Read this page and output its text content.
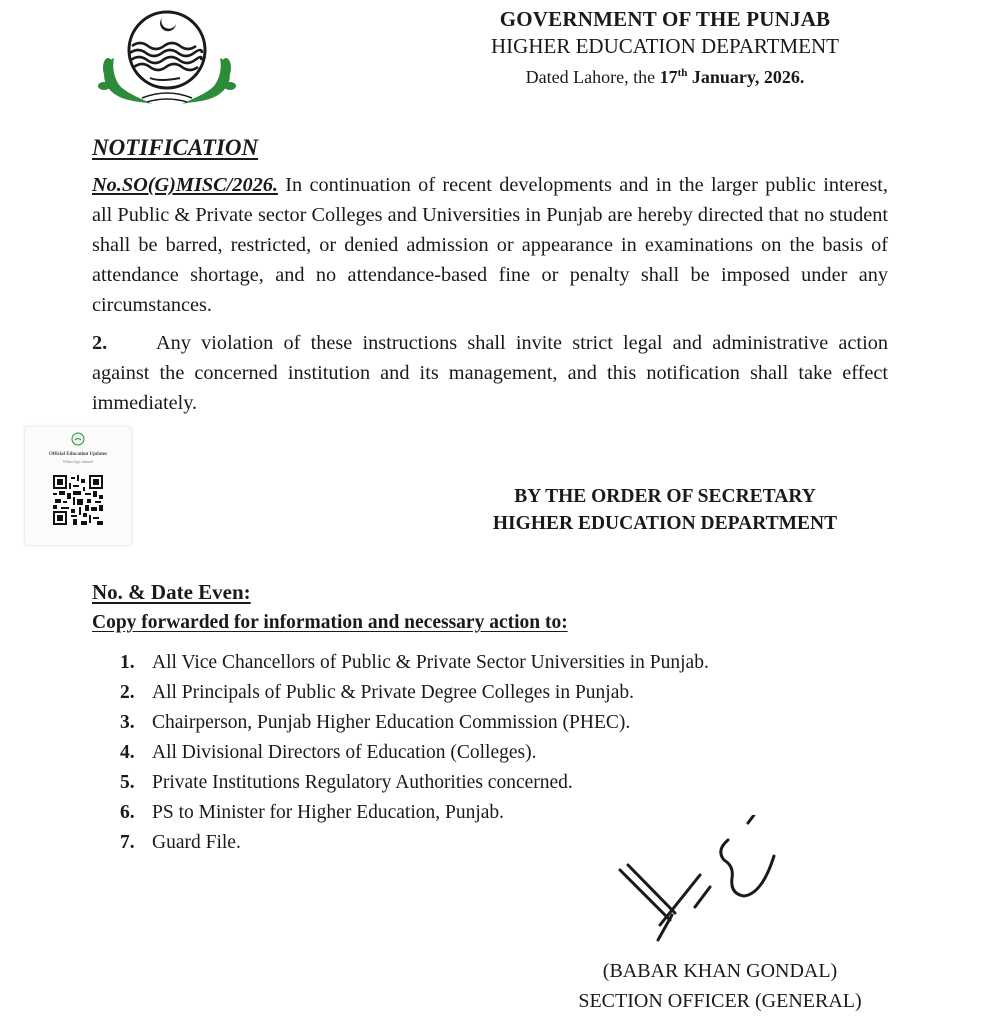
GOVERNMENT OF THE PUNJAB
HIGHER EDUCATION DEPARTMENT
Dated Lahore, the 17th January, 2026.
NOTIFICATION
No.SO(G)MISC/2026. In continuation of recent developments and in the larger public interest, all Public & Private sector Colleges and Universities in Punjab are hereby directed that no student shall be barred, restricted, or denied admission or appearance in examinations on the basis of attendance shortage, and no attendance-based fine or penalty shall be imposed under any circumstances.
2. Any violation of these instructions shall invite strict legal and administrative action against the concerned institution and its management, and this notification shall take effect immediately.
Official Education Updates
WhatsApp channel
BY THE ORDER OF SECRETARY
HIGHER EDUCATION DEPARTMENT
No. & Date Even:
Copy forwarded for information and necessary action to:
1. All Vice Chancellors of Public & Private Sector Universities in Punjab.
2. All Principals of Public & Private Degree Colleges in Punjab.
3. Chairperson, Punjab Higher Education Commission (PHEC).
4. All Divisional Directors of Education (Colleges).
5. Private Institutions Regulatory Authorities concerned.
6. PS to Minister for Higher Education, Punjab.
7. Guard File.
(BABAR KHAN GONDAL)
SECTION OFFICER (GENERAL)
